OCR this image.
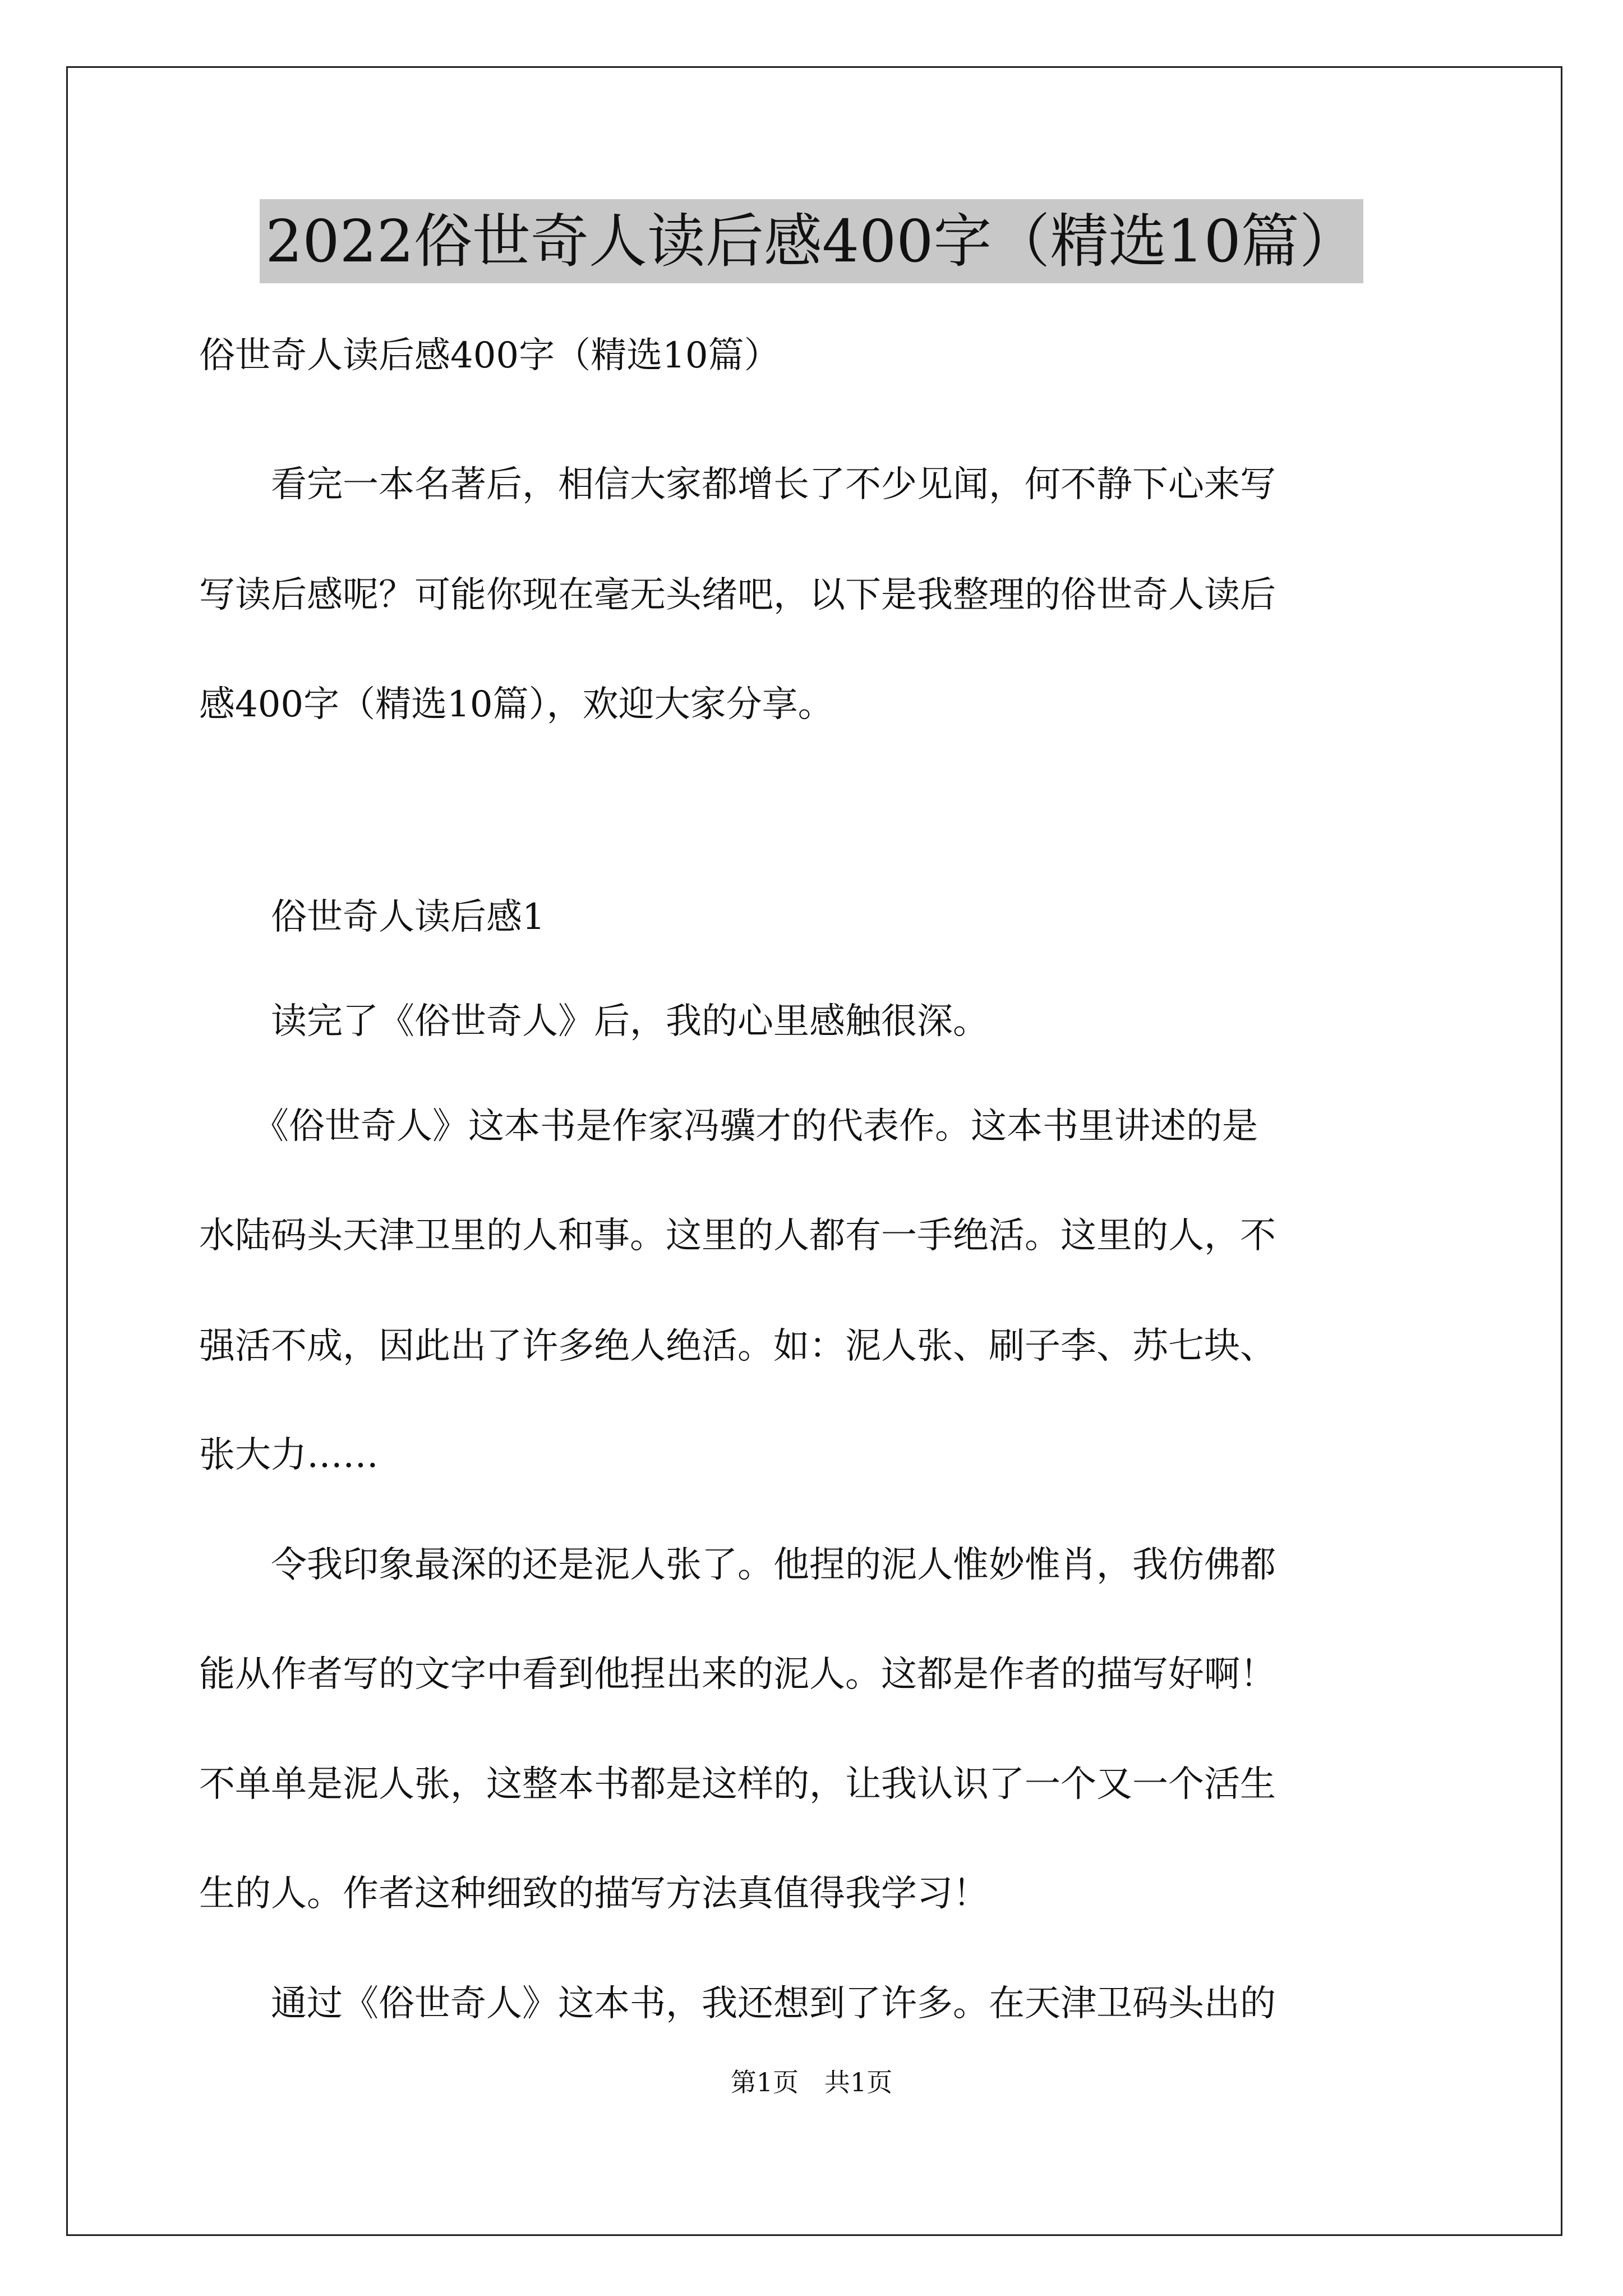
2022俗世奇人读后感400字（精选10篇）
俗世奇人读后感400字（精选10篇）
　　看完一本名著后，相信大家都增长了不少见闻，何不静下心来写
写读后感呢？可能你现在毫无头绪吧，以下是我整理的俗世奇人读后
感400字（精选10篇），欢迎大家分享。
　　俗世奇人读后感1
　　读完了《俗世奇人》后，我的心里感触很深。
　　《俗世奇人》这本书是作家冯骥才的代表作。这本书里讲述的是
水陆码头天津卫里的人和事。这里的人都有一手绝活。这里的人，不
强活不成，因此出了许多绝人绝活。如：泥人张、刷子李、苏七块、
张大力……
　　令我印象最深的还是泥人张了。他捏的泥人惟妙惟肖，我仿佛都
能从作者写的文字中看到他捏出来的泥人。这都是作者的描写好啊！
不单单是泥人张，这整本书都是这样的，让我认识了一个又一个活生
生的人。作者这种细致的描写方法真值得我学习！
　　通过《俗世奇人》这本书，我还想到了许多。在天津卫码头出的
第1页　共1页
